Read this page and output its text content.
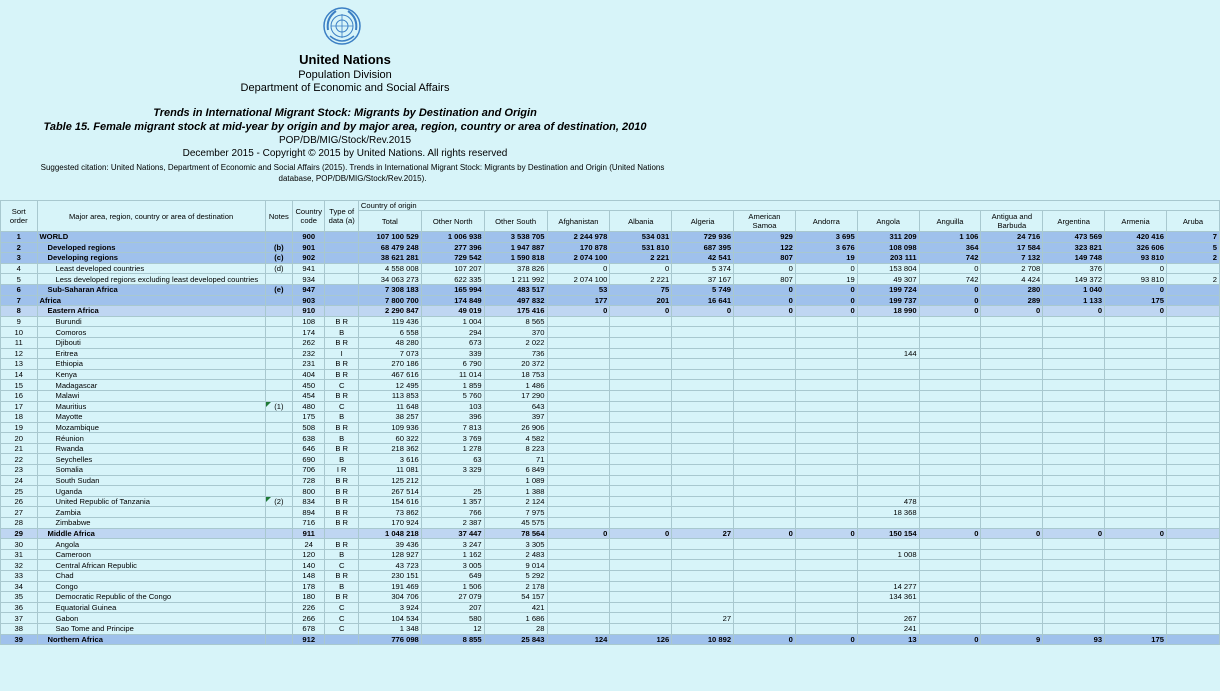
United Nations
Population Division
Department of Economic and Social Affairs
Trends in International Migrant Stock: Migrants by Destination and Origin
Table 15. Female migrant stock at mid-year by origin and by major area, region, country or area of destination, 2010
POP/DB/MIG/Stock/Rev.2015
December 2015 - Copyright © 2015 by United Nations. All rights reserved
Suggested citation: United Nations, Department of Economic and Social Affairs (2015). Trends in International Migrant Stock: Migrants by Destination and Origin (United Nations database, POP/DB/MIG/Stock/Rev.2015).
Sort order	Major area, region, country or area of destination	Notes	Country code	Type of data (a)	Country of origin													
					Total	Other North	Other South	Afghanistan	Albania	Algeria	American Samoa	Andorra	Angola	Anguilla	Antigua and Barbuda	Argentina	Armenia	Aruba
1	WORLD		900		107 100 529	1 006 938	3 538 705	2 244 978	534 031	729 936	929	3 695	311 209	1 106	24 716	473 569	420 416	7
2	Developed regions	(b)	901		68 479 248	277 396	1 947 887	170 878	531 810	687 395	122	3 676	108 098	364	17 584	323 821	326 606	5
3	Developing regions	(c)	902		38 621 281	729 542	1 590 818	2 074 100	2 221	42 541	807	19	203 111	742	7 132	149 748	93 810	2
4	Least developed countries	(d)	941		4 558 008	107 207	378 826	0	0	5 374	0	0	153 804	0	2 708	376	0	
5	Less developed regions excluding least developed countries		934		34 063 273	622 335	1 211 992	2 074 100	2 221	37 167	807	19	49 307	742	4 424	149 372	93 810	2
6	Sub-Saharan Africa	(e)	947		7 308 183	165 994	483 517	53	75	5 749	0	0	199 724	0	280	1 040	0	
7	Africa		903		7 800 700	174 849	497 832	177	201	16 641	0	0	199 737	0	289	1 133	175	
8	Eastern Africa		910		2 290 847	49 019	175 416	0	0	0	0	0	18 990	0	0	0	0	
9	Burundi		108	B R	119 436	1 004	8 565											
10	Comoros		174	B	6 558	294	370											
11	Djibouti		262	B R	48 280	673	2 022											
12	Eritrea		232	I	7 073	339	736						144					
13	Ethiopia		231	B R	270 186	6 790	20 372											
14	Kenya		404	B R	467 616	11 014	18 753											
15	Madagascar		450	C	12 495	1 859	1 486											
16	Malawi		454	B R	113 853	5 760	17 290											
17	Mauritius	(1)	480	C	11 648	103	643											
18	Mayotte		175	B	38 257	396	397											
19	Mozambique		508	B R	109 936	7 813	26 906											
20	Réunion		638	B	60 322	3 769	4 582											
21	Rwanda		646	B R	218 362	1 278	8 223											
22	Seychelles		690	B	3 616	63	71											
23	Somalia		706	I R	11 081	3 329	6 849											
24	South Sudan		728	B R	125 212		1 089											
25	Uganda		800	B R	267 514	25	1 388											
26	United Republic of Tanzania	(2)	834	B R	154 616	1 357	2 124						478					
27	Zambia		894	B R	73 862	766	7 975						18 368					
28	Zimbabwe		716	B R	170 924	2 387	45 575											
29	Middle Africa		911		1 048 218	37 447	78 564	0	0	27	0	0	150 154	0	0	0	0	
30	Angola		24	B R	39 436	3 247	3 305											
31	Cameroon		120	B	128 927	1 162	2 483						1 008					
32	Central African Republic		140	C	43 723	3 005	9 014											
33	Chad		148	B R	230 151	649	5 292											
34	Congo		178	B	191 469	1 506	2 178						14 277					
35	Democratic Republic of the Congo		180	B R	304 706	27 079	54 157						134 361					
36	Equatorial Guinea		226	C	3 924	207	421											
37	Gabon		266	C	104 534	580	1 686			27			267					
38	Sao Tome and Principe		678	C	1 348	12	28						241					
39	Northern Africa		912		776 098	8 855	25 843	124	126	10 892	0	0	13	0	9	93	175	
